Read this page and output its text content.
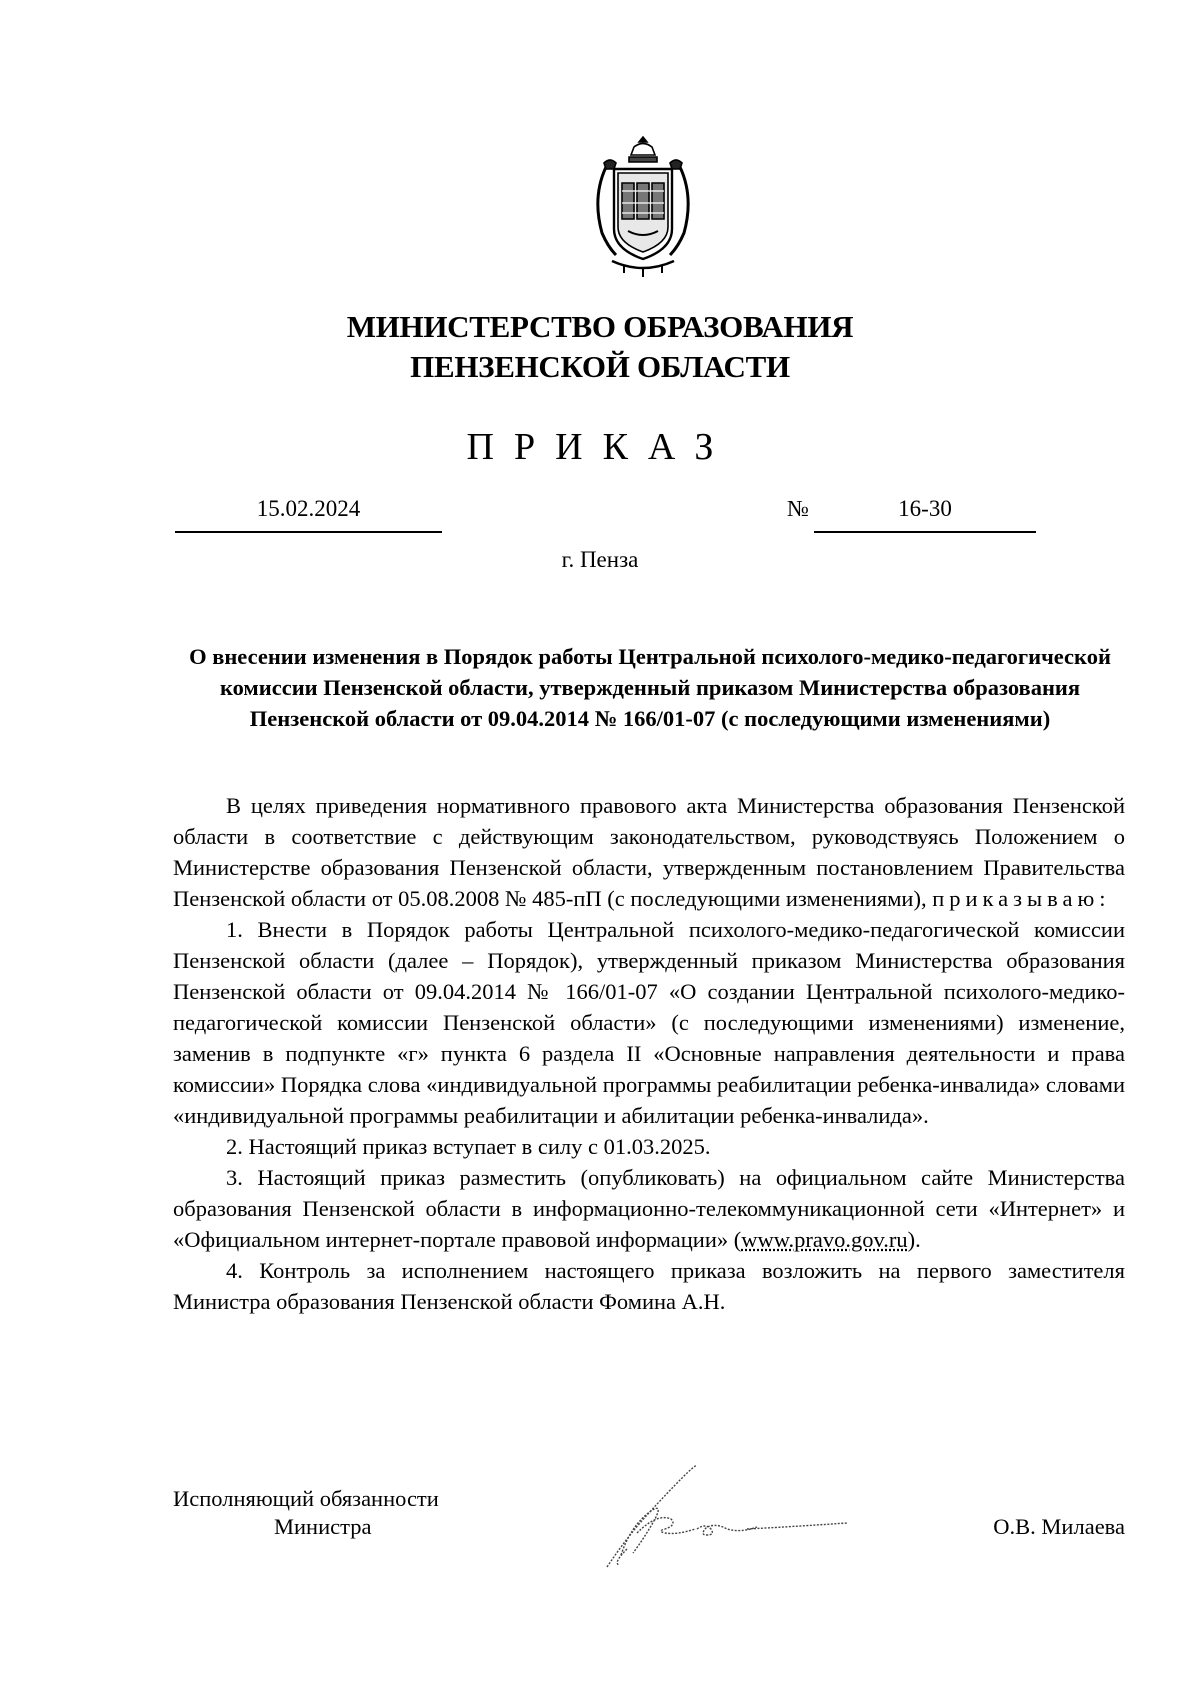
МИНИСТЕРСТВО ОБРАЗОВАНИЯ
ПЕНЗЕНСКОЙ ОБЛАСТИ
ПРИКАЗ
15.02.2024	№	16-30
г. Пенза
О внесении изменения в Порядок работы Центральной психолого-медико-педагогической комиссии Пензенской области, утвержденный приказом Министерства образования Пензенской области от 09.04.2014 № 166/01-07 (с последующими изменениями)

В целях приведения нормативного правового акта Министерства образования Пензенской области в соответствие с действующим законодательством, руководствуясь Положением о Министерстве образования Пензенской области, утвержденным постановлением Правительства Пензенской области от 05.08.2008 № 485-пП (с последующими изменениями), приказываю:

1. Внести в Порядок работы Центральной психолого-медико-педагогической комиссии Пензенской области (далее – Порядок), утвержденный приказом Министерства образования Пензенской области от 09.04.2014 № 166/01-07 «О создании Центральной психолого-медико-педагогической комиссии Пензенской области» (с последующими изменениями) изменение, заменив в подпункте «г» пункта 6 раздела II «Основные направления деятельности и права комиссии» Порядка слова «индивидуальной программы реабилитации ребенка-инвалида» словами «индивидуальной программы реабилитации и абилитации ребенка-инвалида».

2. Настоящий приказ вступает в силу с 01.03.2025.

3. Настоящий приказ разместить (опубликовать) на официальном сайте Министерства образования Пензенской области в информационно-телекоммуникационной сети «Интернет» и «Официальном интернет-портале правовой информации» (www.pravo.gov.ru).

4. Контроль за исполнением настоящего приказа возложить на первого заместителя Министра образования Пензенской области Фомина А.Н.

Исполняющий обязанности
Министра	О.В. Милаева
